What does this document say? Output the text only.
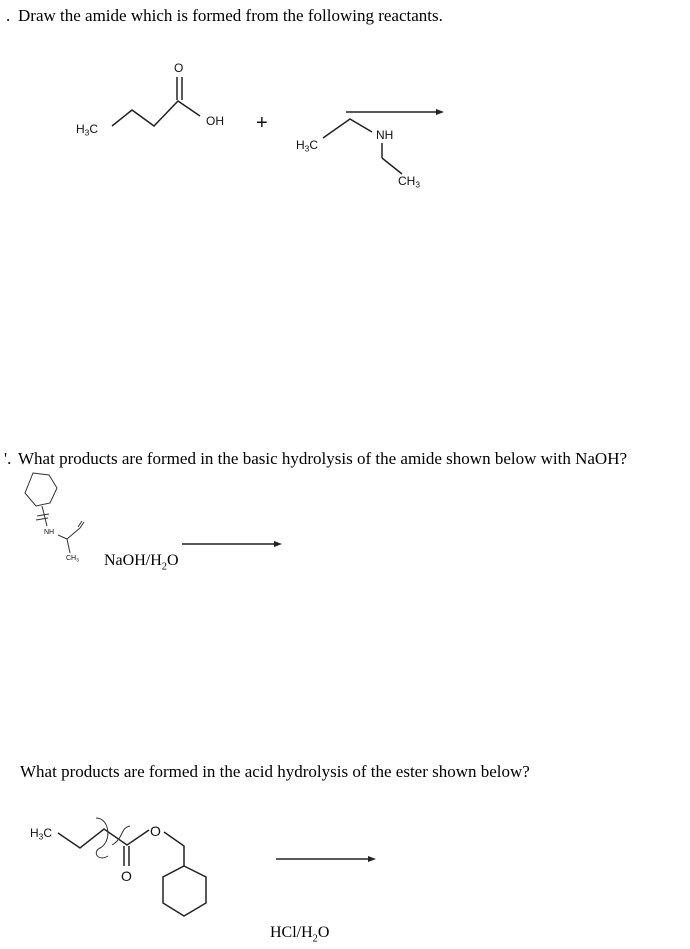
. Draw the amide which is formed from the following reactants.
$H_3C$
O
OH +
$H_3C$
NH
$CH_3$
'. What products are formed in the basic hydrolysis of the amide shown below with NaOH?
NH
$CH_3$ NaOH/$H_2O$
What products are formed in the acid hydrolysis of the ester shown below?
$H_3C$	O
O
HCl/$H_2O$
